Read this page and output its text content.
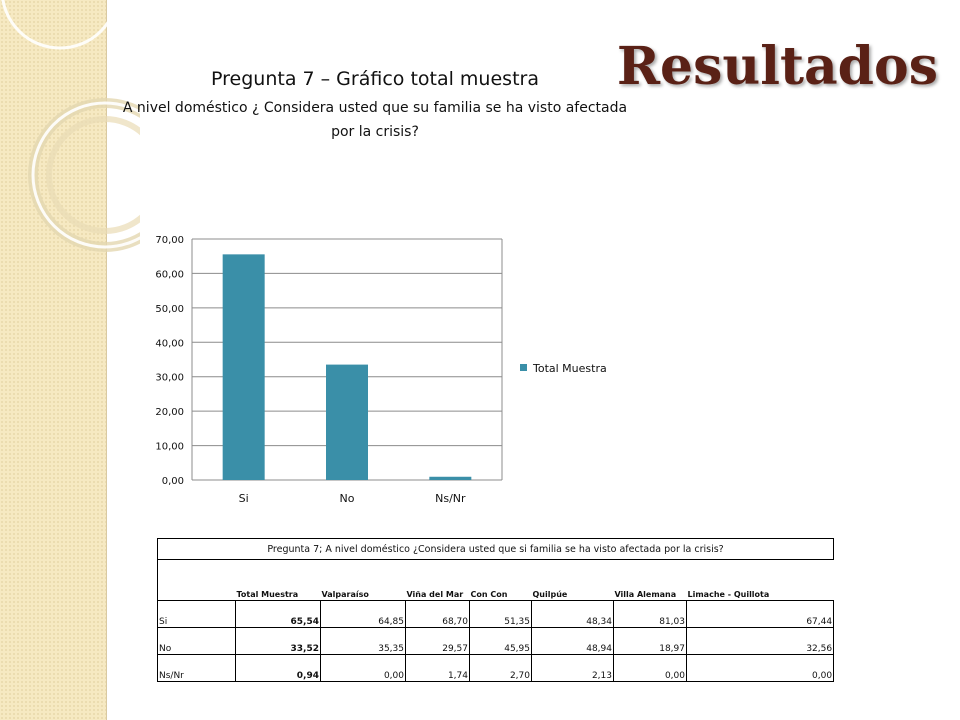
Resultados
Pregunta 7 – Gráfico total muestra
A nivel doméstico ¿ Considera usted que su familia se ha visto afectada por la crisis?
0,00
10,00
20,00
30,00
40,00
50,00
60,00
70,00
Si	No	Ns/Nr
Total Muestra
Pregunta 7; A nivel doméstico ¿Considera usted que si familia se ha visto afectada por la crisis?							
	Total Muestra	Valparaíso	Viña del Mar	Con Con	Quilpúe	Villa Alemana	Limache - Quillota
Si	65,54	64,85	68,70	51,35	48,34	81,03	67,44
No	33,52	35,35	29,57	45,95	48,94	18,97	32,56
Ns/Nr	0,94	0,00	1,74	2,70	2,13	0,00	0,00
